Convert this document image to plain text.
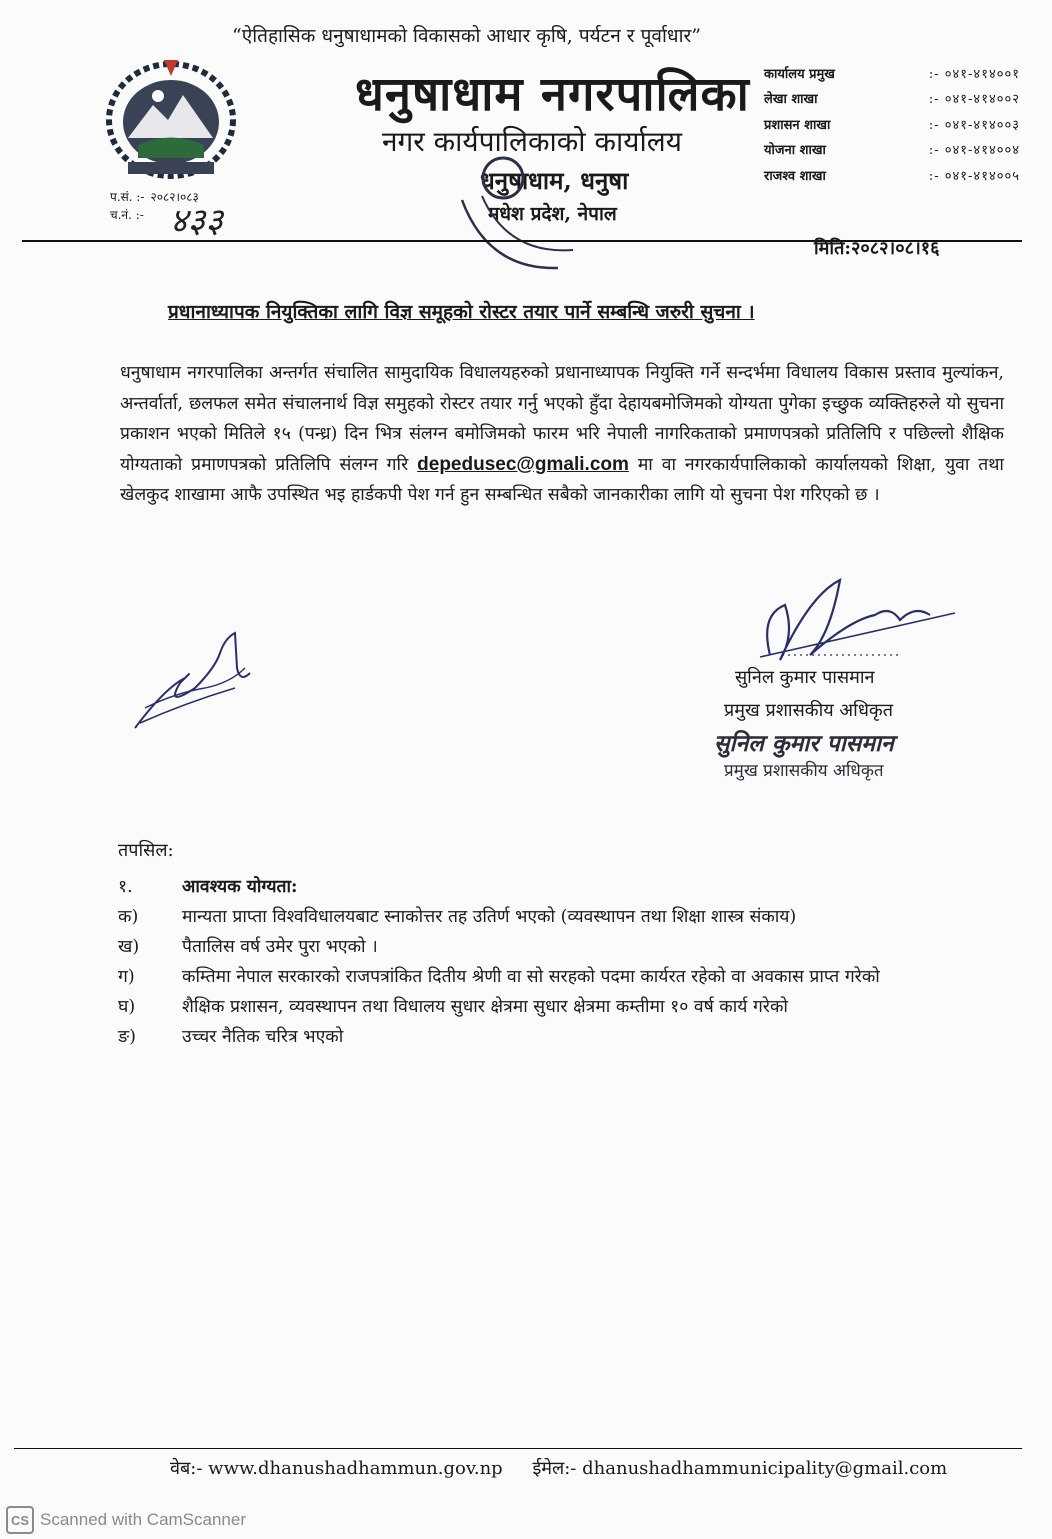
“ऐतिहासिक धनुषाधामको विकासको आधार कृषि, पर्यटन र पूर्वाधार”
धनुषाधाम नगरपालिका
नगर कार्यपालिकाको कार्यालय
धनुषाधाम, धनुषा
मधेश प्रदेश, नेपाल
प.सं. :- २०८२।०८३
च.नं. :- ४३३
कार्यालय प्रमुख	:- ०४१-४१४००१
लेखा शाखा	:- ०४१-४१४००२
प्रशासन शाखा	:- ०४१-४१४००३
योजना शाखा	:- ०४१-४१४००४
राजश्व शाखा	:- ०४१-४१४००५
मिति:२०८२।०८।१६
प्रधानाध्यापक नियुक्तिका लागि विज्ञ समूहको रोस्टर तयार पार्ने सम्बन्धि जरुरी सुचना ।
धनुषाधाम नगरपालिका अन्तर्गत संचालित सामुदायिक विधालयहरुको प्रधानाध्यापक नियुक्ति गर्ने सन्दर्भमा विधालय विकास प्रस्ताव मुल्यांकन, अन्तर्वार्ता, छलफल समेत संचालनार्थ विज्ञ समुहको रोस्टर तयार गर्नु भएको हुँदा देहायबमोजिमको योग्यता पुगेका इच्छुक व्यक्तिहरुले यो सुचना प्रकाशन भएको मितिले १५ (पन्ध्र) दिन भित्र संलग्न बमोजिमको फारम भरि नेपाली नागरिकताको प्रमाणपत्रको प्रतिलिपि र पछिल्लो शैक्षिक योग्यताको प्रमाणपत्रको प्रतिलिपि संलग्न गरि depedusec@gmali.com मा वा नगरकार्यपालिकाको कार्यालयको शिक्षा, युवा तथा खेलकुद शाखामा आफै उपस्थित भइ हार्डकपी पेश गर्न हुन सम्बन्धित सबैको जानकारीका लागि यो सुचना पेश गरिएको छ ।
सुनिल कुमार पासमान
प्रमुख प्रशासकीय अधिकृत
सुनिल कुमार पासमान
प्रमुख प्रशासकीय अधिकृत
तपसिल:
१.	आवश्यक योग्यता:
क)	मान्यता प्राप्ता विश्वविधालयबाट स्नाकोत्तर तह उतिर्ण भएको (व्यवस्थापन तथा शिक्षा शास्त्र संकाय)
ख)	पैतालिस वर्ष उमेर पुरा भएको ।
ग)	कम्तिमा नेपाल सरकारको राजपत्रांकित दितीय श्रेणी वा सो सरहको पदमा कार्यरत रहेको वा अवकास प्राप्त गरेको
घ)	शैक्षिक प्रशासन, व्यवस्थापन तथा विधालय सुधार क्षेत्रमा सुधार क्षेत्रमा कम्तीमा १० वर्ष कार्य गरेको
ङ)	उच्चर नैतिक चरित्र भएको
वेब:- www.dhanushadhammun.gov.np ईमेल:- dhanushadhammunicipality@gmail.com
CS Scanned with CamScanner
